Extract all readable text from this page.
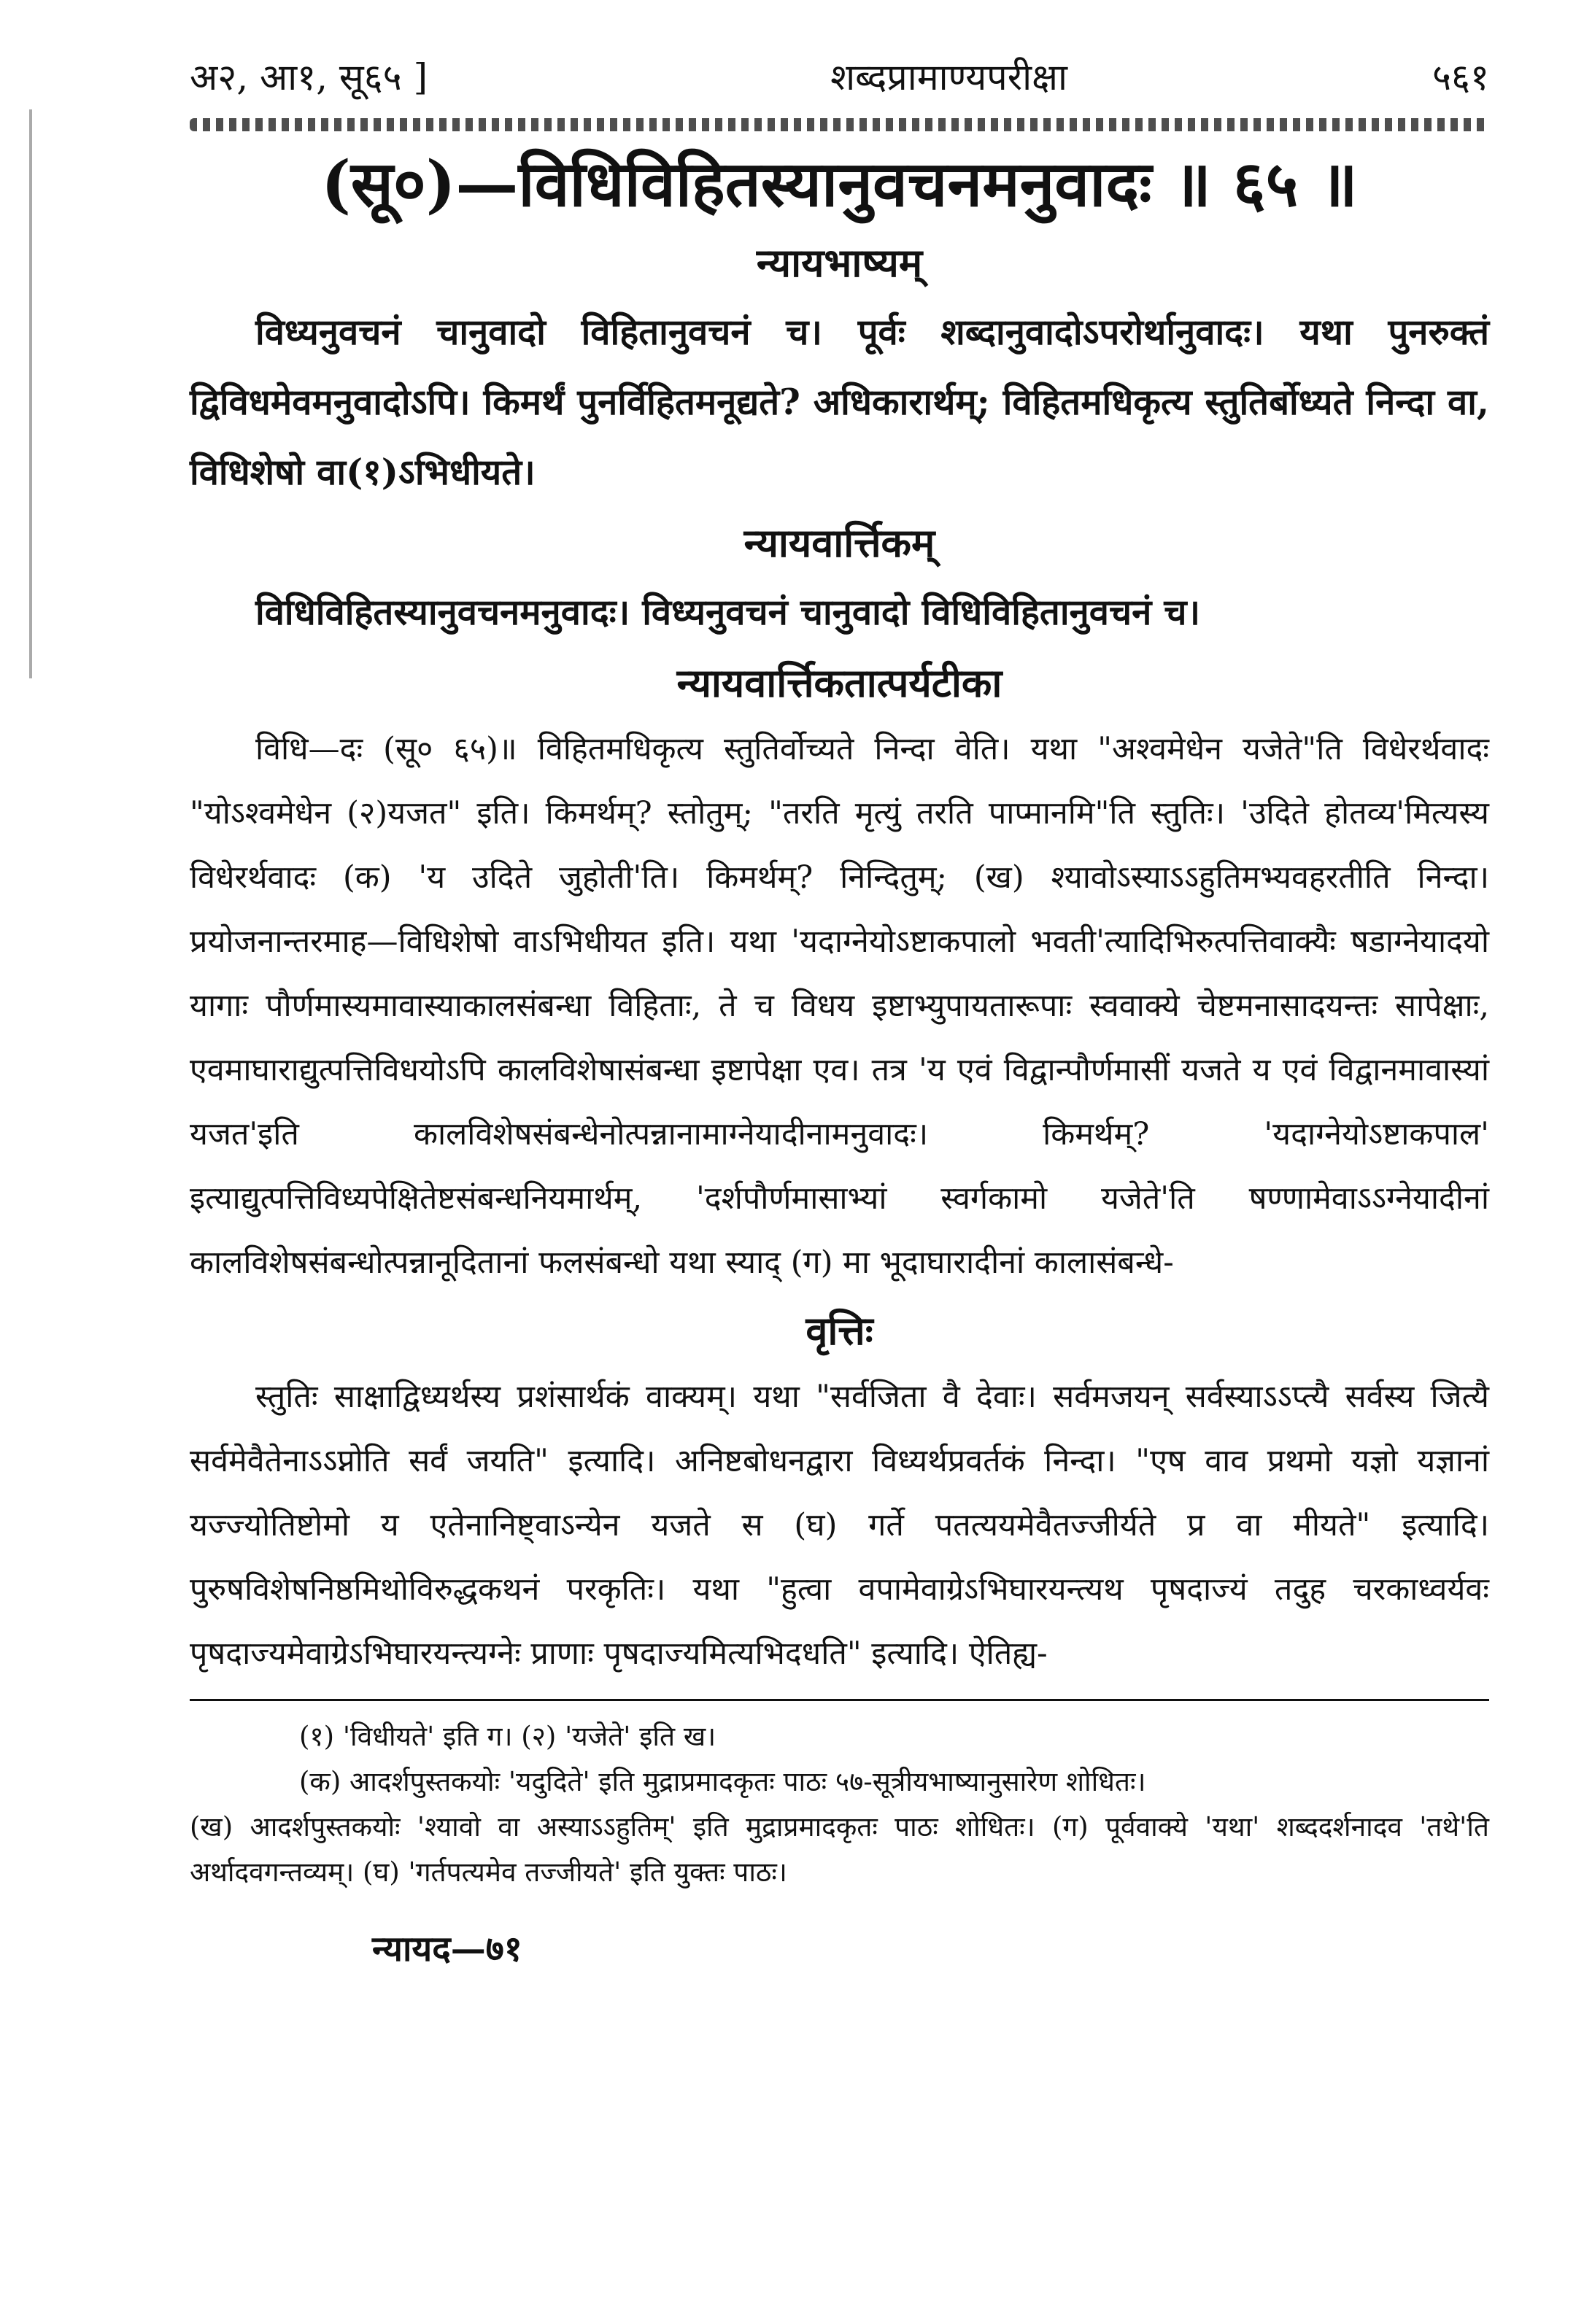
अ२, आ१, सू६५ ]	शब्दप्रामाण्यपरीक्षा	५६१
(सू०)—विधिविहितस्यानुवचनमनुवादः ॥ ६५ ॥
न्यायभाष्यम्

विध्यनुवचनं चानुवादो विहितानुवचनं च। पूर्वः शब्दानुवादोऽपरोर्थानुवादः। यथा पुनरुक्तं द्विविधमेवमनुवादोऽपि। किमर्थं पुनर्विहितमनूद्यते? अधिकारार्थम्; विहितमधिकृत्य स्तुतिर्बोध्यते निन्दा वा, विधिशेषो वा(१)ऽभिधीयते।

न्यायवार्त्तिकम्

विधिविहितस्यानुवचनमनुवादः। विध्यनुवचनं चानुवादो विधिविहितानुवचनं च।

न्यायवार्त्तिकतात्पर्यटीका

विधि—दः (सू० ६५)॥ विहितमधिकृत्य स्तुतिर्वोच्यते निन्दा वेति। यथा "अश्वमेधेन यजेते"ति विधेरर्थवादः "योऽश्वमेधेन (२)यजत" इति। किमर्थम्? स्तोतुम्; "तरति मृत्युं तरति पाप्मानमि"ति स्तुतिः। 'उदिते होतव्य'मित्यस्य विधेरर्थवादः (क) 'य उदिते जुहोती'ति। किमर्थम्? निन्दितुम्; (ख) श्यावोऽस्याऽऽहुतिमभ्यवहरतीति निन्दा। प्रयोजनान्तरमाह—विधिशेषो वाऽभिधीयत इति। यथा 'यदाग्नेयोऽष्टाकपालो भवती'त्यादिभिरुत्पत्तिवाक्यैः षडाग्नेयादयो यागाः पौर्णमास्यमावास्याकालसंबन्धा विहिताः, ते च विधय इष्टाभ्युपायतारूपाः स्ववाक्ये चेष्टमनासादयन्तः सापेक्षाः, एवमाघाराद्युत्पत्तिविधयोऽपि कालविशेषासंबन्धा इष्टापेक्षा एव। तत्र 'य एवं विद्वान्पौर्णमासीं यजते य एवं विद्वानमावास्यां यजत'इति कालविशेषसंबन्धेनोत्पन्नानामाग्नेयादीनामनुवादः। किमर्थम्? 'यदाग्नेयोऽष्टाकपाल' इत्याद्युत्पत्तिविध्यपेक्षितेष्टसंबन्धनियमार्थम्, 'दर्शपौर्णमासाभ्यां स्वर्गकामो यजेते'ति षण्णामेवाऽऽग्नेयादीनां कालविशेषसंबन्धोत्पन्नानूदितानां फलसंबन्धो यथा स्याद् (ग) मा भूदाघारादीनां कालासंबन्धे-

वृत्तिः

स्तुतिः साक्षाद्विध्यर्थस्य प्रशंसार्थकं वाक्यम्। यथा "सर्वजिता वै देवाः। सर्वमजयन् सर्वस्याऽऽप्त्यै सर्वस्य जित्यै सर्वमेवैतेनाऽऽप्नोति सर्वं जयति" इत्यादि। अनिष्टबोधनद्वारा विध्यर्थप्रवर्तकं निन्दा। "एष वाव प्रथमो यज्ञो यज्ञानां यज्ज्योतिष्टोमो य एतेनानिष्ट्वाऽन्येन यजते स (घ) गर्ते पतत्ययमेवैतज्जीर्यते प्र वा मीयते" इत्यादि। पुरुषविशेषनिष्ठमिथोविरुद्धकथनं परकृतिः। यथा "हुत्वा वपामेवाग्रेऽभिघारयन्त्यथ पृषदाज्यं तदुह चरकाध्वर्यवः पृषदाज्यमेवाग्रेऽभिघारयन्त्यग्नेः प्राणाः पृषदाज्यमित्यभिदधति" इत्यादि। ऐतिह्य-

(१) 'विधीयते' इति ग। (२) 'यजेते' इति ख।

(क) आदर्शपुस्तकयोः 'यदुदिते' इति मुद्राप्रमादकृतः पाठः ५७-सूत्रीयभाष्यानुसारेण शोधितः।

(ख) आदर्शपुस्तकयोः 'श्यावो वा अस्याऽऽहुतिम्' इति मुद्राप्रमादकृतः पाठः शोधितः। (ग) पूर्ववाक्ये 'यथा' शब्ददर्शनादव 'तथे'ति अर्थादवगन्तव्यम्। (घ) 'गर्तपत्यमेव तज्जीयते' इति युक्तः पाठः।

न्यायद—७१
